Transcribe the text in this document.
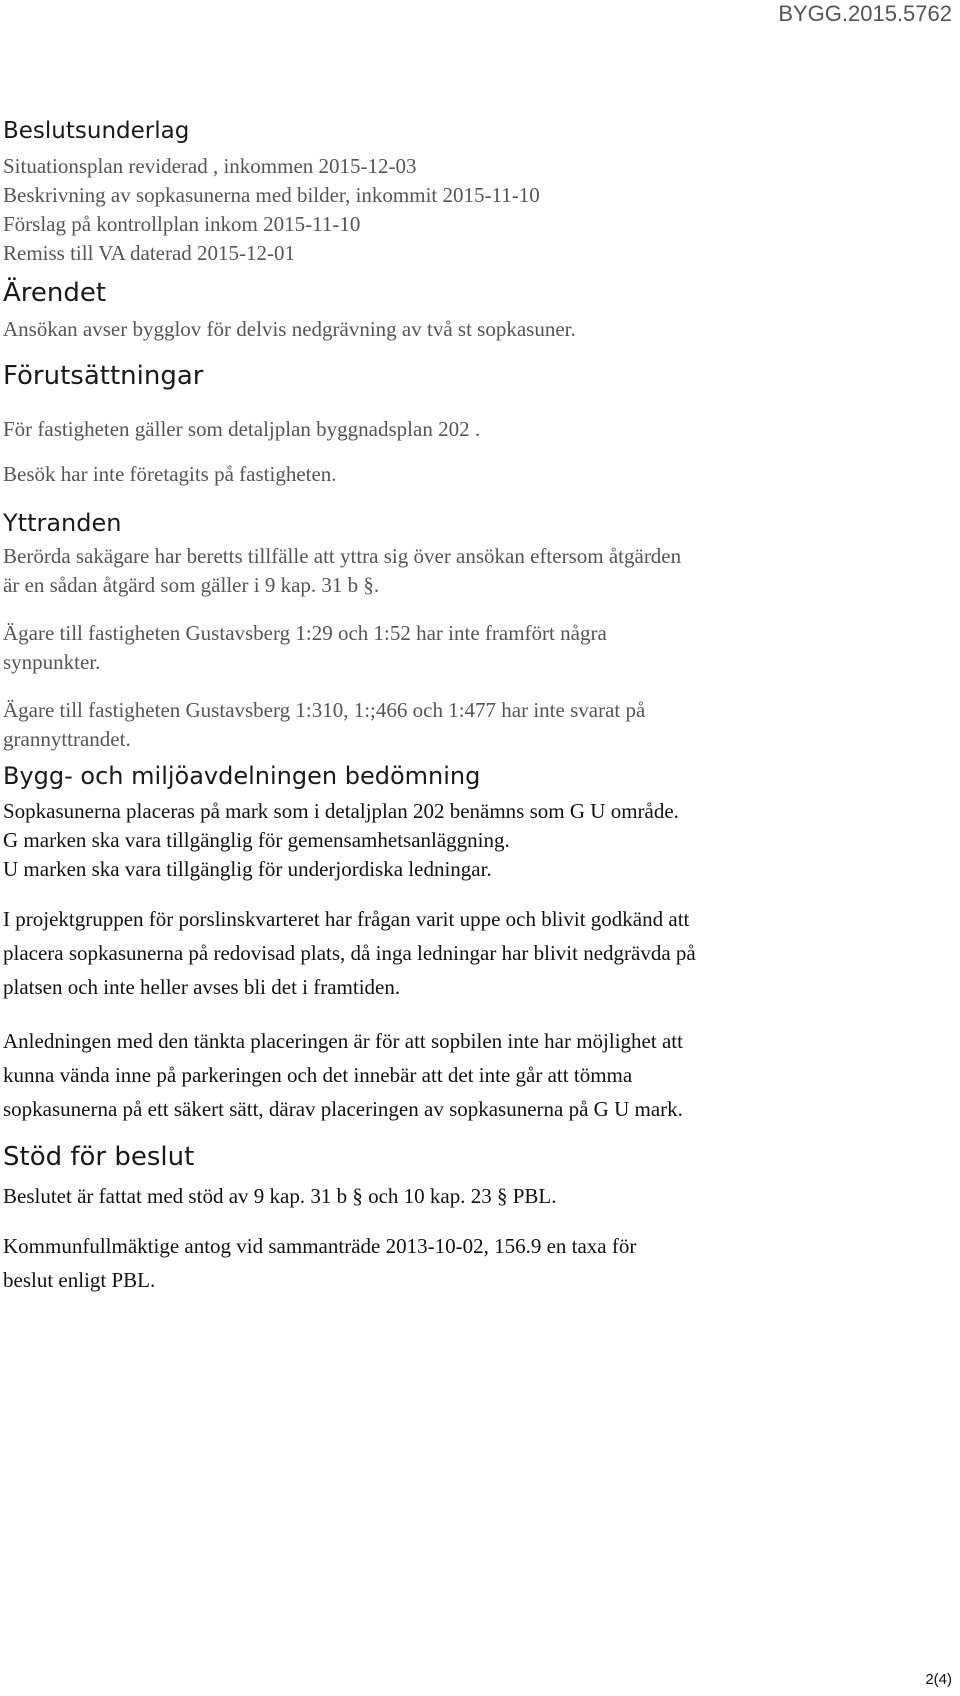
BYGG.2015.5762
Beslutsunderlag
Situationsplan reviderad , inkommen 2015-12-03
Beskrivning av sopkasunerna med bilder, inkommit 2015-11-10
Förslag på kontrollplan inkom 2015-11-10
Remiss till VA daterad 2015-12-01
Ärendet
Ansökan avser bygglov för delvis nedgrävning av två st sopkasuner.
Förutsättningar
För fastigheten gäller som detaljplan byggnadsplan 202 .
Besök har inte företagits på fastigheten.
Yttranden
Berörda sakägare har beretts tillfälle att yttra sig över ansökan eftersom åtgärden
är en sådan åtgärd som gäller i 9 kap. 31 b §.
Ägare till fastigheten Gustavsberg 1:29 och 1:52 har inte framfört några
synpunkter.
Ägare till fastigheten Gustavsberg 1:310, 1:;466 och 1:477 har inte svarat på
grannyttrandet.
Bygg- och miljöavdelningen bedömning
Sopkasunerna placeras på mark som i detaljplan 202 benämns som G U område.
G marken ska vara tillgänglig för gemensamhetsanläggning.
U marken ska vara tillgänglig för underjordiska ledningar.

I projektgruppen för porslinskvarteret har frågan varit uppe och blivit godkänd att

placera sopkasunerna på redovisad plats, då inga ledningar har blivit nedgrävda på

platsen och inte heller avses bli det i framtiden.

Anledningen med den tänkta placeringen är för att sopbilen inte har möjlighet att

kunna vända inne på parkeringen och det innebär att det inte går att tömma

sopkasunerna på ett säkert sätt, därav placeringen av sopkasunerna på G U mark.

Stöd för beslut

Beslutet är fattat med stöd av 9 kap. 31 b § och 10 kap. 23 § PBL.

Kommunfullmäktige antog vid sammanträde 2013-10-02, 156.9 en taxa för

beslut enligt PBL.

2(4)
